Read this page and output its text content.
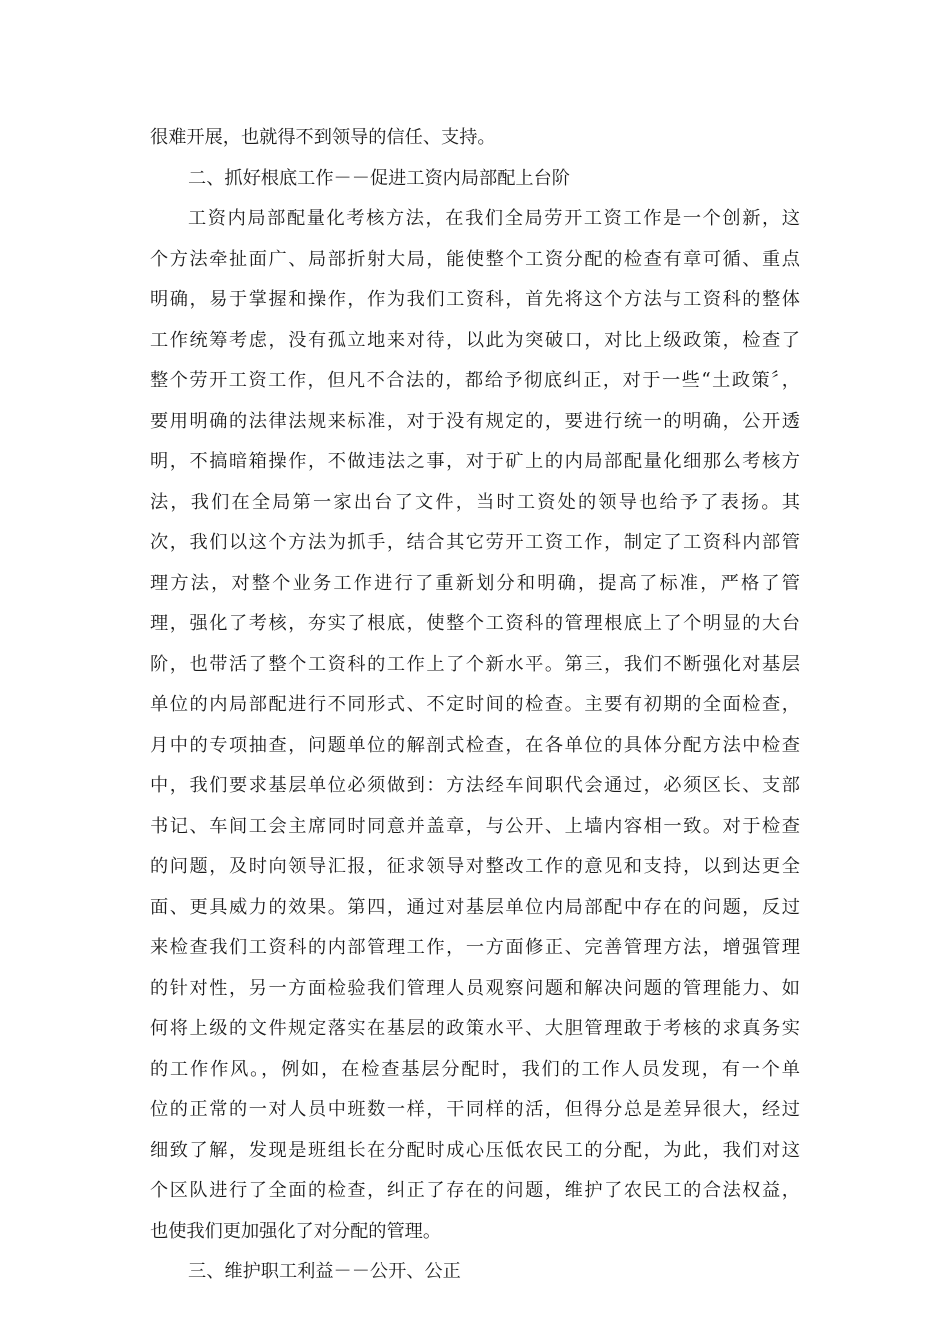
很难开展，也就得不到领导的信任、支持。
二、抓好根底工作－－促进工资内局部配上台阶
工资内局部配量化考核方法，在我们全局劳开工资工作是一个创新，这
个方法牵扯面广、局部折射大局，能使整个工资分配的检查有章可循、重点
明确，易于掌握和操作，作为我们工资科，首先将这个方法与工资科的整体
工作统筹考虑，没有孤立地来对待，以此为突破口，对比上级政策，检查了
整个劳开工资工作，但凡不合法的，都给予彻底纠正，对于一些“土政策〞，
要用明确的法律法规来标准，对于没有规定的，要进行统一的明确，公开透
明，不搞暗箱操作，不做违法之事，对于矿上的内局部配量化细那么考核方
法，我们在全局第一家出台了文件，当时工资处的领导也给予了表扬。其
次，我们以这个方法为抓手，结合其它劳开工资工作，制定了工资科内部管
理方法，对整个业务工作进行了重新划分和明确，提高了标准，严格了管
理，强化了考核，夯实了根底，使整个工资科的管理根底上了个明显的大台
阶，也带活了整个工资科的工作上了个新水平。第三，我们不断强化对基层
单位的内局部配进行不同形式、不定时间的检查。主要有初期的全面检查，
月中的专项抽查，问题单位的解剖式检查，在各单位的具体分配方法中检查
中，我们要求基层单位必须做到：方法经车间职代会通过，必须区长、支部
书记、车间工会主席同时同意并盖章，与公开、上墙内容相一致。对于检查
的问题，及时向领导汇报，征求领导对整改工作的意见和支持，以到达更全
面、更具威力的效果。第四，通过对基层单位内局部配中存在的问题，反过
来检查我们工资科的内部管理工作，一方面修正、完善管理方法，增强管理
的针对性，另一方面检验我们管理人员观察问题和解决问题的管理能力、如
何将上级的文件规定落实在基层的政策水平、大胆管理敢于考核的求真务实
的工作作风。，例如，在检查基层分配时，我们的工作人员发现，有一个单
位的正常的一对人员中班数一样，干同样的活，但得分总是差异很大，经过
细致了解，发现是班组长在分配时成心压低农民工的分配，为此，我们对这
个区队进行了全面的检查，纠正了存在的问题，维护了农民工的合法权益，
也使我们更加强化了对分配的管理。
三、维护职工利益－－公开、公正
